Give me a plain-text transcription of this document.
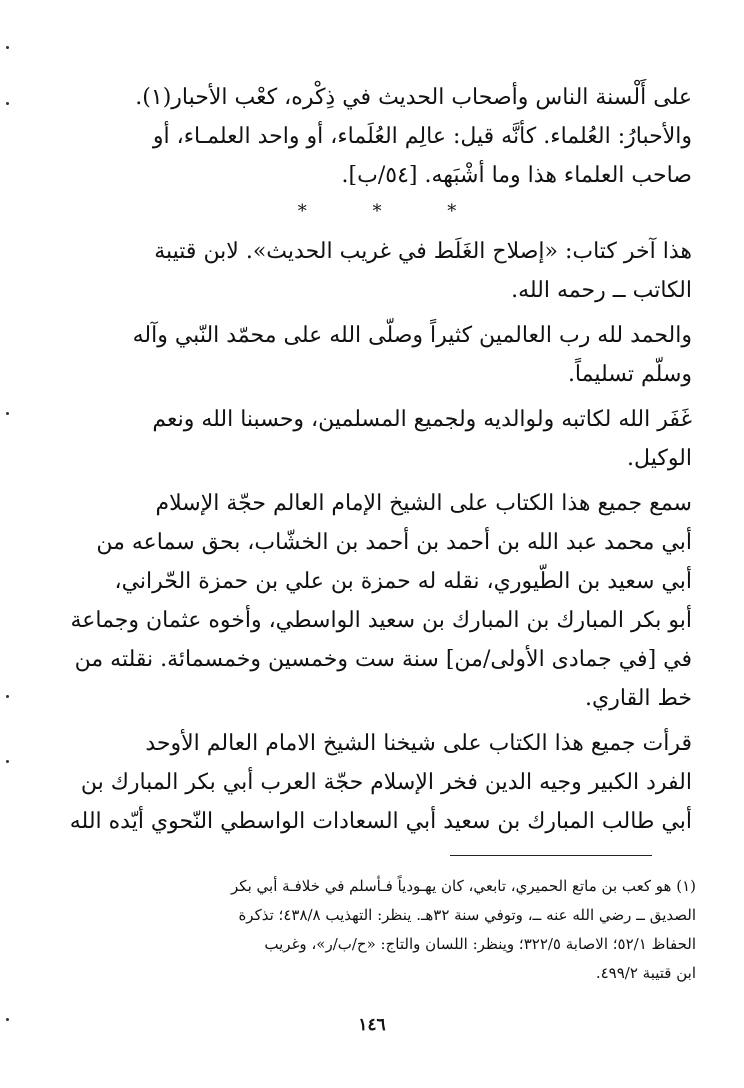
على أَلْسنة الناس وأصحاب الحديث في ذِكْره، كعْب الأحبار(١).
والأحبارُ: العُلماء. كأنَّه قيل: عالِم العُلَماء، أو واحد العلمـاء، أو
صاحب العلماء هذا وما أشْبَهه. [٥٤/ب].

* * *

هذا آخر كتاب: «إصلاح الغَلَط في غريب الحديث». لابن قتيبة
الكاتب ــ رحمه الله.

والحمد لله رب العالمين كثيراً وصلّى الله على محمّد النّبي وآله
وسلّم تسليماً.

غَفَر الله لكاتبه ولوالديه ولجميع المسلمين، وحسبنا الله ونعم
الوكيل.

سمع جميع هذا الكتاب على الشيخ الإمام العالم حجّة الإسلام
أبي محمد عبد الله بن أحمد بن أحمد بن الخشّاب، بحق سماعه من
أبي سعيد بن الطّيوري، نقله له حمزة بن علي بن حمزة الحّراني،
أبو بكر المبارك بن المبارك بن سعيد الواسطي، وأخوه عثمان وجماعة
في [في جمادى الأولى/من] سنة ست وخمسين وخمسمائة. نقلته من
خط القاري.

قرأت جميع هذا الكتاب على شيخنا الشيخ الامام العالم الأوحد
الفرد الكبير وجيه الدين فخر الإسلام حجّة العرب أبي بكر المبارك بن
أبي طالب المبارك بن سعيد أبي السعادات الواسطي النّحوي أيّده الله

(١) هو كعب بن ماتع الحميري، تابعي، كان يهـودياً فـأسلم في خلافـة أبي بكر
الصديق ــ رضي الله عنه ــ، وتوفي سنة ٣٢هـ. ينظر: التهذيب ٤٣٨/٨؛ تذكرة
الحفاظ ٥٢/١؛ الاصابة ٣٢٢/٥؛ وينظر: اللسان والتاج: «ح/ب/ر»، وغريب
ابن قتيبة ٤٩٩/٢.
١٤٦
